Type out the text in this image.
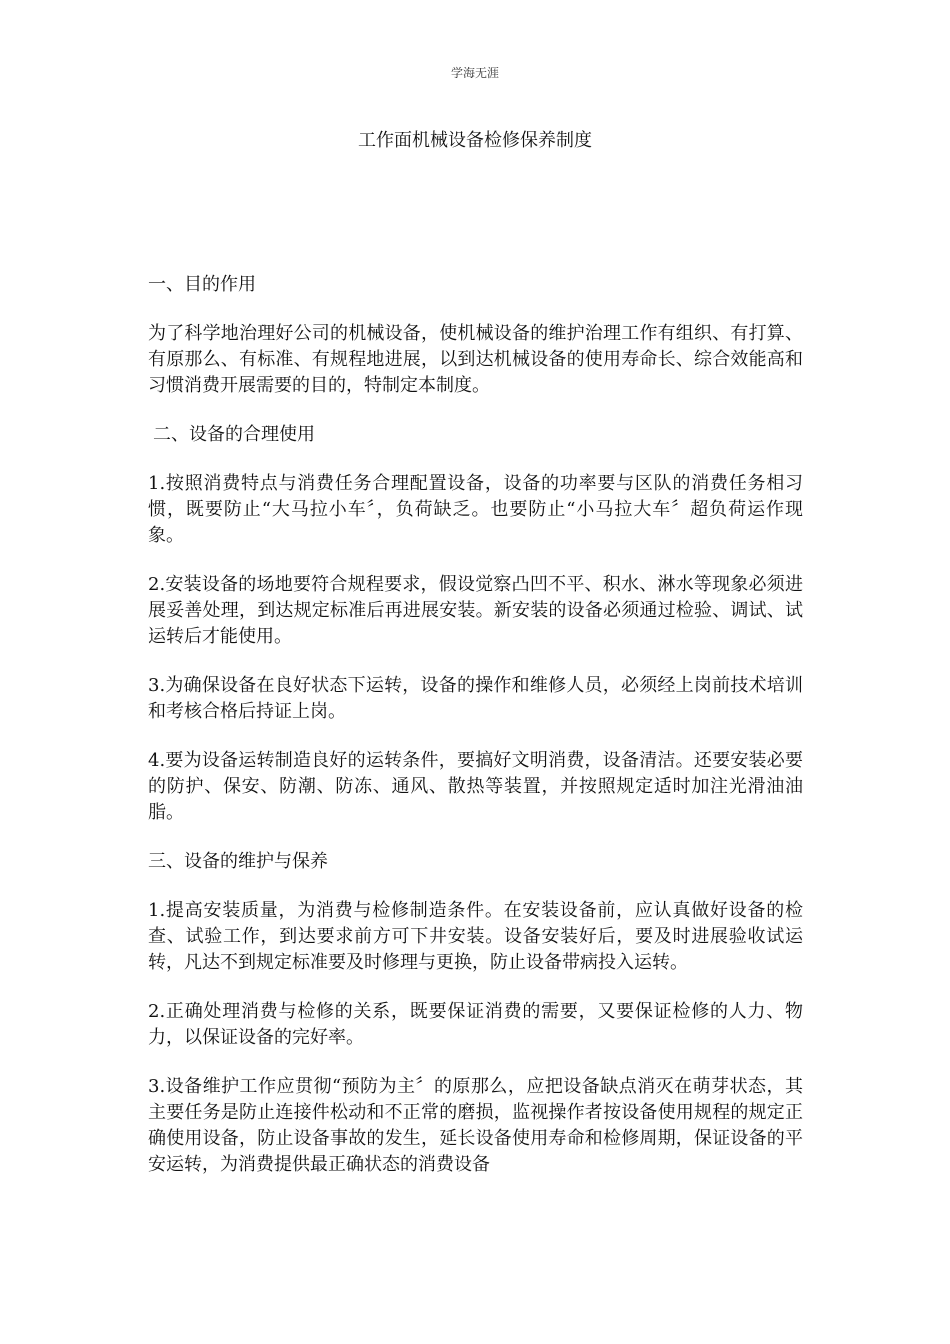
学海无涯
工作面机械设备检修保养制度
一、目的作用

为了科学地治理好公司的机械设备，使机械设备的维护治理工作有组织、有打算、有原那么、有标准、有规程地进展，以到达机械设备的使用寿命长、综合效能高和习惯消费开展需要的目的，特制定本制度。

二、设备的合理使用

1.按照消费特点与消费任务合理配置设备，设备的功率要与区队的消费任务相习惯，既要防止“大马拉小车〞，负荷缺乏。也要防止“小马拉大车〞超负荷运作现象。

2.安装设备的场地要符合规程要求，假设觉察凸凹不平、积水、淋水等现象必须进展妥善处理，到达规定标准后再进展安装。新安装的设备必须通过检验、调试、试运转后才能使用。

3.为确保设备在良好状态下运转，设备的操作和维修人员，必须经上岗前技术培训和考核合格后持证上岗。

4.要为设备运转制造良好的运转条件，要搞好文明消费，设备清洁。还要安装必要的防护、保安、防潮、防冻、通风、散热等装置，并按照规定适时加注光滑油油脂。

三、设备的维护与保养

1.提高安装质量，为消费与检修制造条件。在安装设备前，应认真做好设备的检查、试验工作，到达要求前方可下井安装。设备安装好后，要及时进展验收试运转，凡达不到规定标准要及时修理与更换，防止设备带病投入运转。

2.正确处理消费与检修的关系，既要保证消费的需要，又要保证检修的人力、物力，以保证设备的完好率。

3.设备维护工作应贯彻“预防为主〞的原那么，应把设备缺点消灭在萌芽状态，其主要任务是防止连接件松动和不正常的磨损，监视操作者按设备使用规程的规定正确使用设备，防止设备事故的发生，延长设备使用寿命和检修周期，保证设备的平安运转，为消费提供最正确状态的消费设备
